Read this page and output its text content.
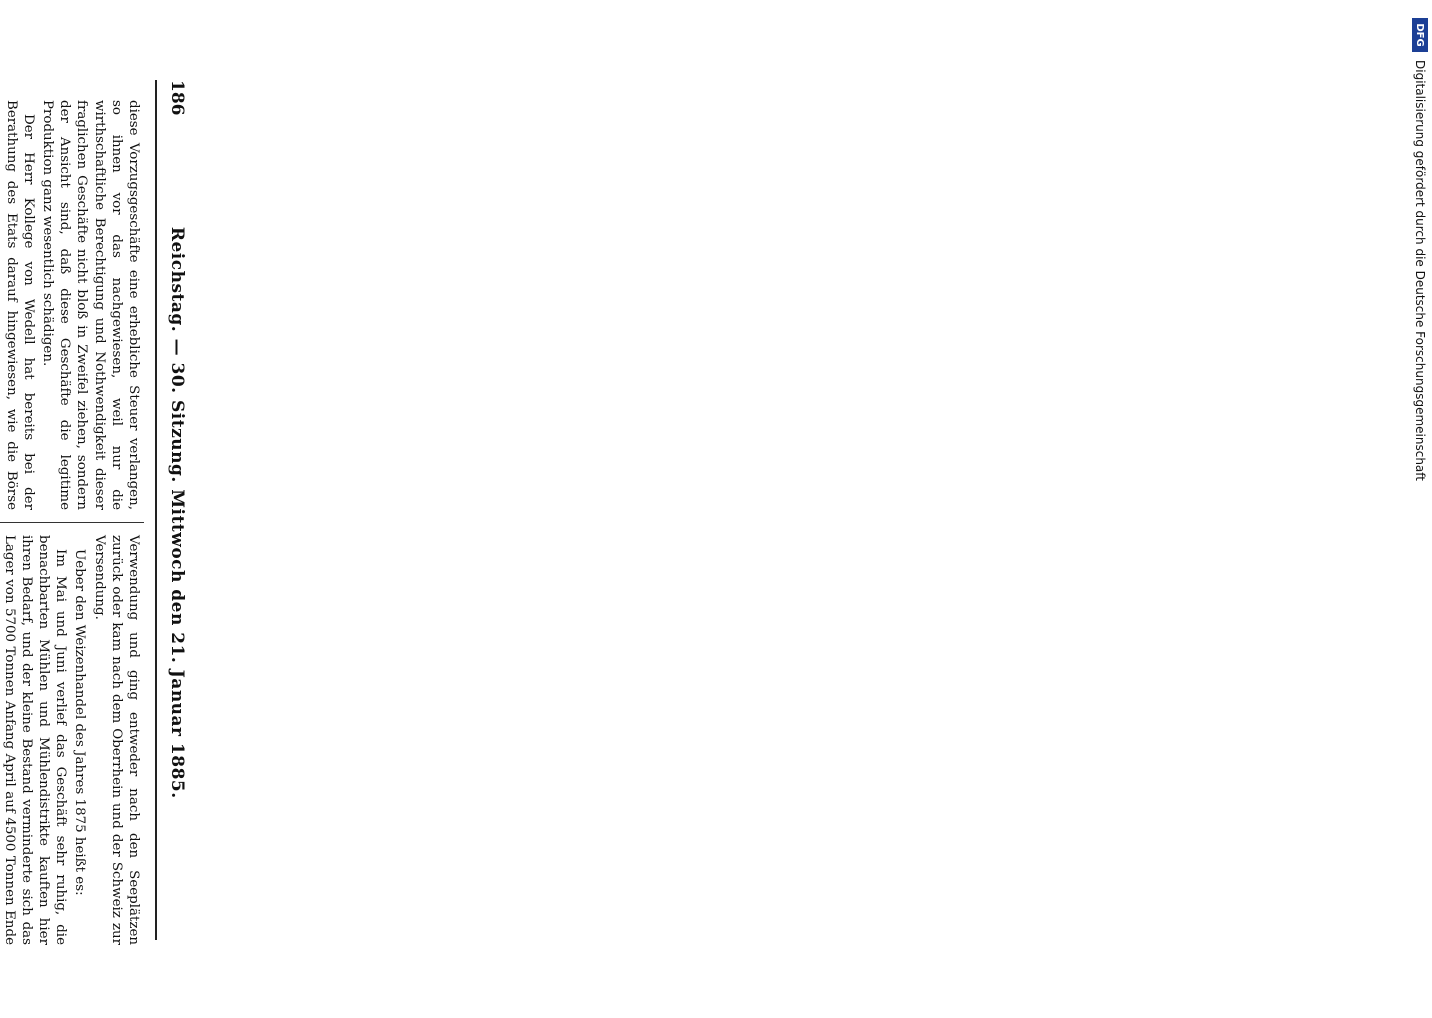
DFG
Digitalisierung gefördert durch die Deutsche Forschungsgemeinschaft
186
Reichstag. — 30. Sitzung. Mittwoch den 21. Januar 1885.

diese Vorzugsgeschäfte eine erhebliche Steuer verlangen, so ihnen vor das nachgewiesen, weil nur die wirthschaftliche Berechtigung und Nothwendigkeit dieser fraglichen Geschäfte nicht bloß in Zweifel ziehen, sondern der Ansicht sind, daß diese Geschäfte die legitime Produktion ganz wesentlich schädigen.

Der Herr Kollege von Wedell hat bereits bei der Berathung des Etats darauf hingewiesen, wie die Börse

Verwendung und ging entweder nach den Seeplätzen zurück oder kam nach dem Oberrhein und der Schweiz zur Versendung.

Ueber den Weizenhandel des Jahres 1875 heißt es:

Im Mai und Juni verlief das Geschäft sehr ruhig, die benachbarten Mühlen und Mühlendistrikte kauften hier ihren Bedarf, und der kleine Bestand verminderte sich das Lager von 5700 Tonnen Anfang April auf 4500 Tonnen Ende
